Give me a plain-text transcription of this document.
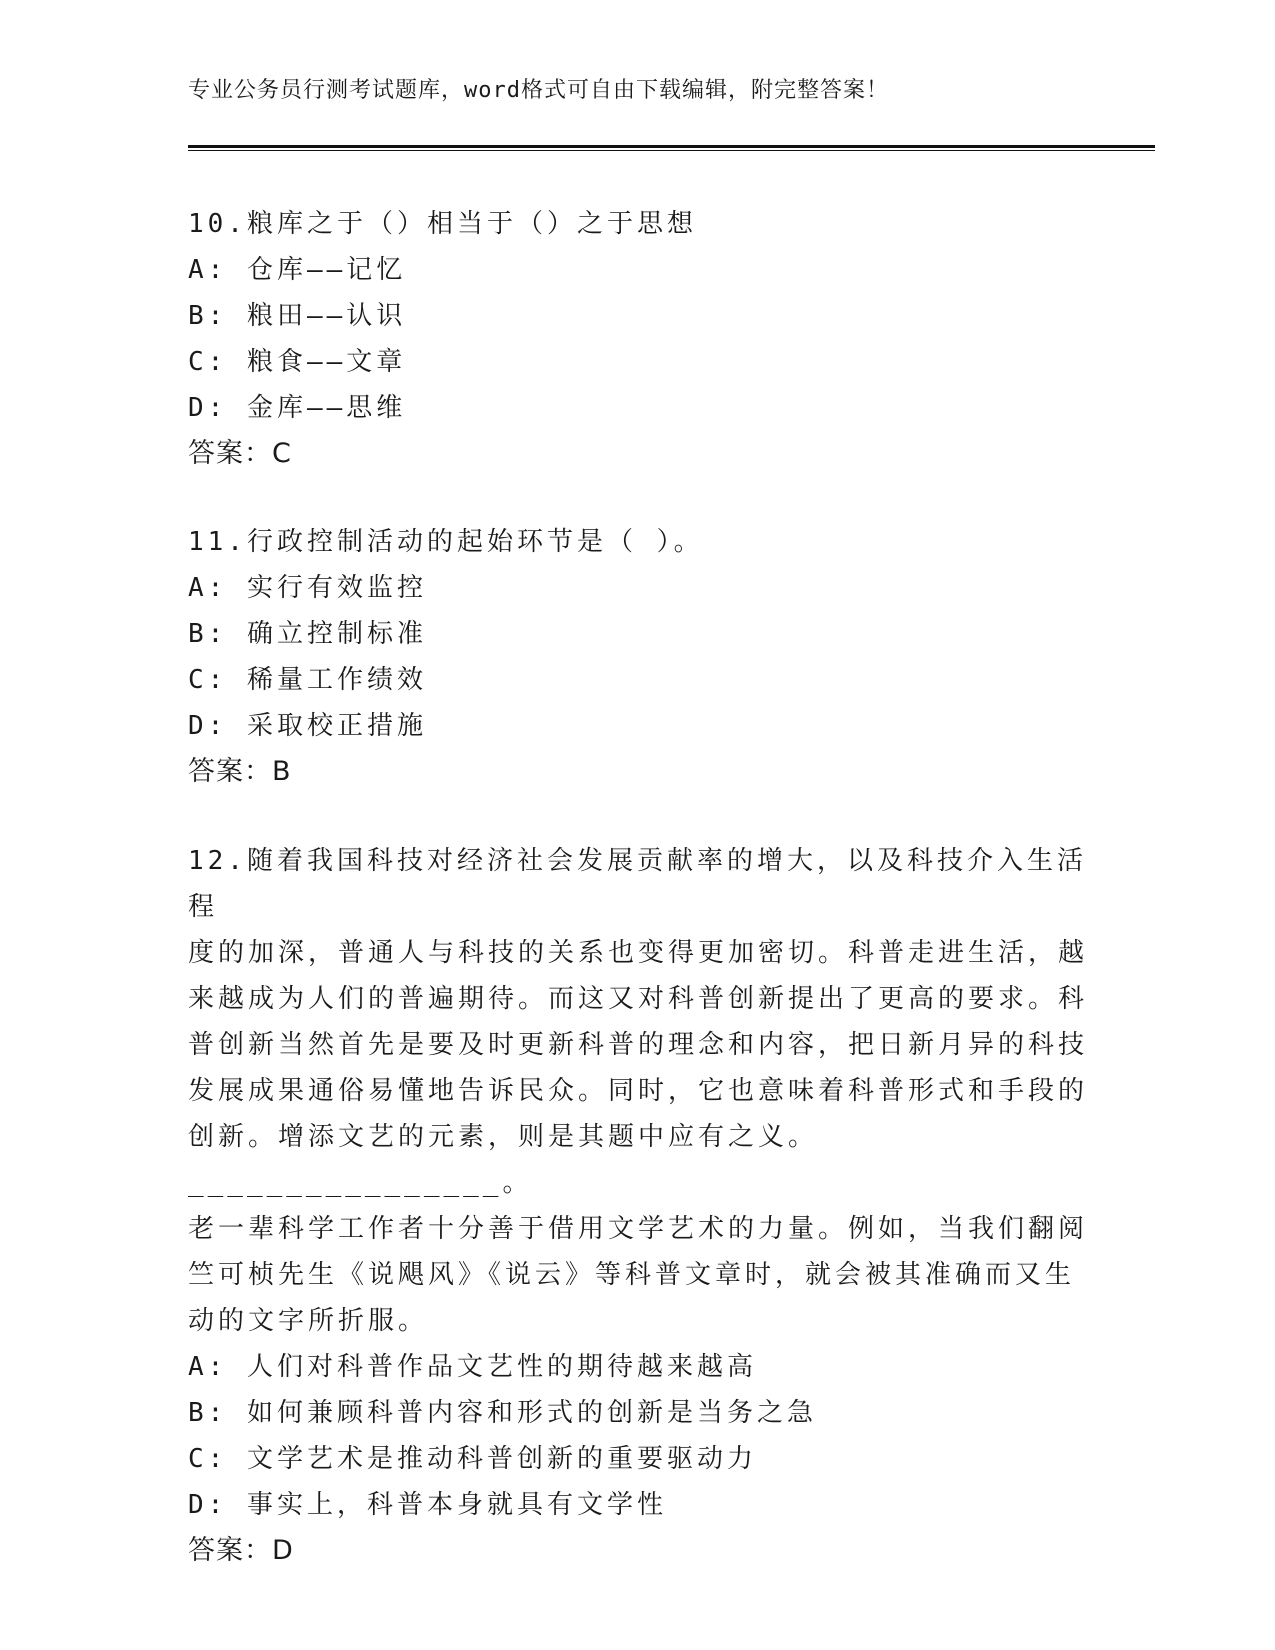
专业公务员行测考试题库，word格式可自由下载编辑，附完整答案！
10.粮库之于（）相当于（）之于思想
A: 仓库——记忆
B: 粮田——认识
C: 粮食——文章
D: 金库——思维
答案：C
11.行政控制活动的起始环节是（ ）。
A: 实行有效监控
B: 确立控制标准
C: 稀量工作绩效
D: 采取校正措施
答案：B
12.随着我国科技对经济社会发展贡献率的增大，以及科技介入生活程
度的加深，普通人与科技的关系也变得更加密切。科普走进生活，越
来越成为人们的普遍期待。而这又对科普创新提出了更高的要求。科
普创新当然首先是要及时更新科普的理念和内容，把日新月异的科技
发展成果通俗易懂地告诉民众。同时，它也意味着科普形式和手段的
创新。增添文艺的元素，则是其题中应有之义。________________。
老一辈科学工作者十分善于借用文学艺术的力量。例如，当我们翻阅
竺可桢先生《说飓风》《说云》等科普文章时，就会被其准确而又生
动的文字所折服。
A: 人们对科普作品文艺性的期待越来越高
B: 如何兼顾科普内容和形式的创新是当务之急
C: 文学艺术是推动科普创新的重要驱动力
D: 事实上，科普本身就具有文学性
答案：D
